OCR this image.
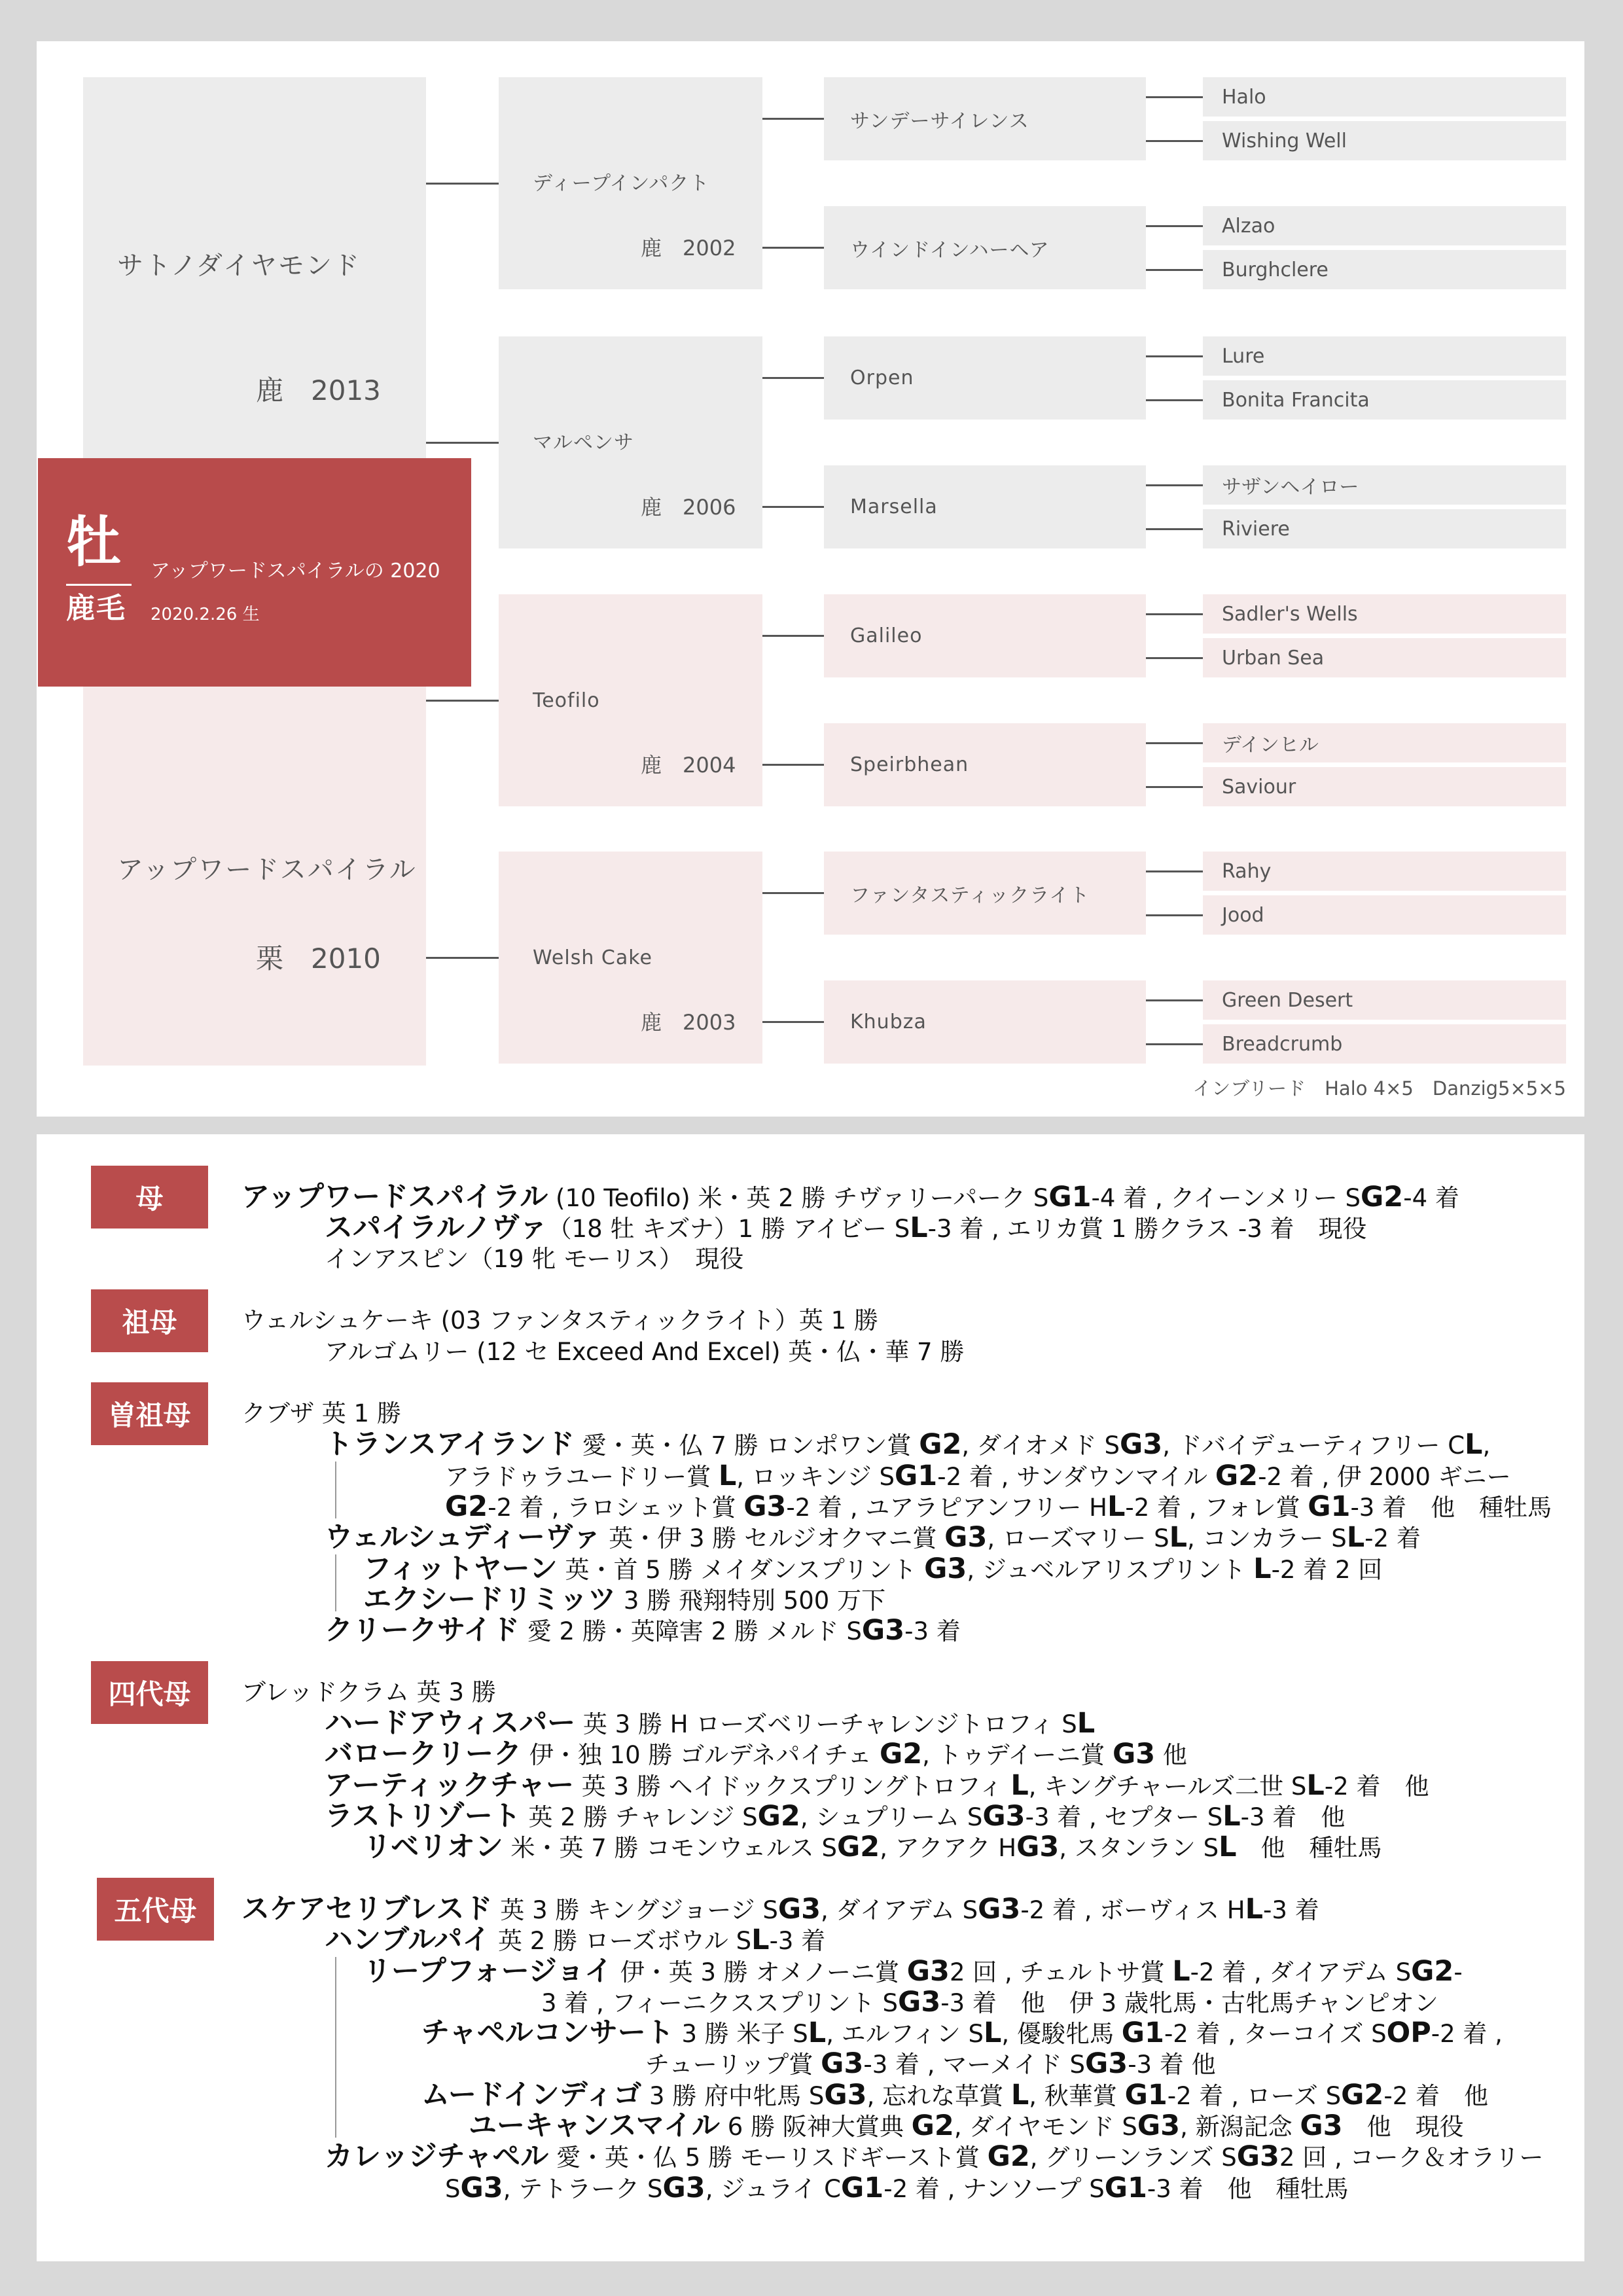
サトノダイヤモンド
鹿　2013
アップワードスパイラル
栗　2010
ディープインパクト
鹿　2002
マルペンサ
鹿　2006
Teofilo
鹿　2004
Welsh Cake
鹿　2003
サンデーサイレンス
ウインドインハーヘア
Orpen
Marsella
Galileo
Speirbhean
ファンタスティックライト
Khubza
Halo
Wishing Well
Alzao
Burghclere
Lure
Bonita Francita
サザンヘイロー
Riviere
Sadler's Wells
Urban Sea
デインヒル
Saviour
Rahy
Jood
Green Desert
Breadcrumb
牡
鹿毛
アップワードスパイラルの 2020
2020.2.26 生
インブリード　Halo 4×5　Danzig5×5×5
母	アップワードスパイラル (10 Teofilo) 米・英 2 勝 チヴァリーパーク SG1-4 着 , クイーンメリー SG2-4 着
スパイラルノヴァ（18 牡 キズナ）1 勝 アイビー SL-3 着 , エリカ賞 1 勝クラス -3 着　現役
インアスピン（19 牝 モーリス）　現役
祖母	ウェルシュケーキ (03 ファンタスティックライト）英 1 勝
アルゴムリー (12 セ Exceed And Excel) 英・仏・華 7 勝
曽祖母	クブザ 英 1 勝
トランスアイランド 愛・英・仏 7 勝 ロンポワン賞 G2, ダイオメド SG3, ドバイデューティフリー CL,
アラドゥラユードリー賞 L, ロッキンジ SG1-2 着 , サンダウンマイル G2-2 着 , 伊 2000 ギニー
G2-2 着 , ラロシェット賞 G3-2 着 , ユアラピアンフリー HL-2 着 , フォレ賞 G1-3 着　他　種牡馬
ウェルシュディーヴァ 英・伊 3 勝 セルジオクマニ賞 G3, ローズマリー SL, コンカラー SL-2 着
フィットヤーン 英・首 5 勝 メイダンスプリント G3, ジュベルアリスプリント L-2 着 2 回
エクシードリミッツ 3 勝 飛翔特別 500 万下
クリークサイド 愛 2 勝・英障害 2 勝 メルド SG3-3 着
四代母	ブレッドクラム 英 3 勝
ハードアウィスパー 英 3 勝 H ローズベリーチャレンジトロフィ SL
バロークリーク 伊・独 10 勝 ゴルデネパイチェ G2, トゥデイーニ賞 G3 他
アーティックチャー 英 3 勝 ヘイドックスプリングトロフィ L, キングチャールズ二世 SL-2 着　他
ラストリゾート 英 2 勝 チャレンジ SG2, シュプリーム SG3-3 着 , セプター SL-3 着　他
リベリオン 米・英 7 勝 コモンウェルス SG2, アクアク HG3, スタンラン SL　他　種牡馬
五代母	スケアセリブレスド 英 3 勝 キングジョージ SG3, ダイアデム SG3-2 着 , ボーヴィス HL-3 着
ハンブルパイ 英 2 勝 ローズボウル SL-3 着
リープフォージョイ 伊・英 3 勝 オメノーニ賞 G32 回 , チェルトサ賞 L-2 着 , ダイアデム SG2-
3 着 , フィーニクススプリント SG3-3 着　他　伊 3 歳牝馬・古牝馬チャンピオン
チャペルコンサート 3 勝 米子 SL, エルフィン SL, 優駿牝馬 G1-2 着 , ターコイズ SOP-2 着 ,
チューリップ賞 G3-3 着 , マーメイド SG3-3 着 他
ムードインディゴ 3 勝 府中牝馬 SG3, 忘れな草賞 L, 秋華賞 G1-2 着 , ローズ SG2-2 着　他
ユーキャンスマイル 6 勝 阪神大賞典 G2, ダイヤモンド SG3, 新潟記念 G3　他　現役
カレッジチャペル 愛・英・仏 5 勝 モーリスドギースト賞 G2, グリーンランズ SG32 回 , コーク＆オラリー
SG3, テトラーク SG3, ジュライ CG1-2 着 , ナンソープ SG1-3 着　他　種牡馬
